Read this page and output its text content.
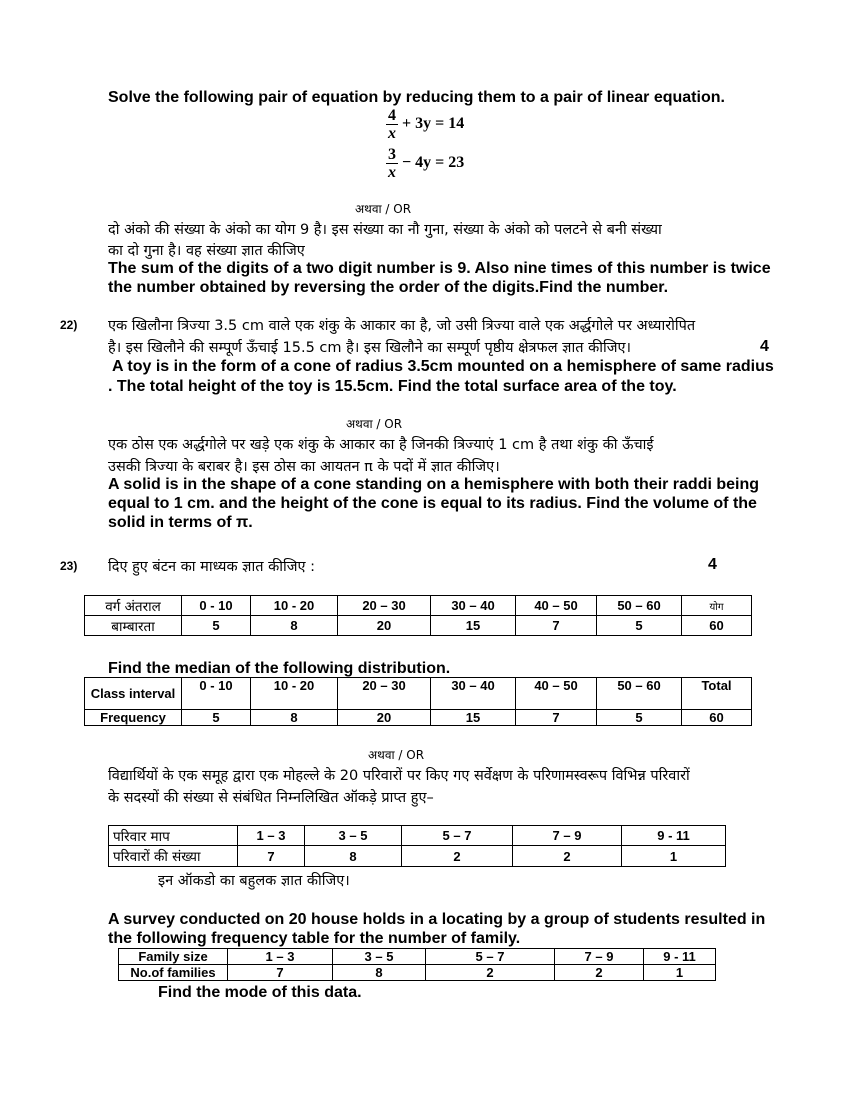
Solve the following pair of equation by reducing them to a pair of linear equation.
$\frac{4}{x} + 3y = 14$
$\frac{3}{x} - 4y = 23$
अथवा / OR
दो अंको की संख्या के अंको का योग 9 है। इस संख्या का नौ गुना, संख्या के अंको को पलटने से बनी संख्या
का दो गुना है। वह संख्या ज्ञात कीजिए
The sum of the digits of a two digit number is 9. Also nine times of this number is twice
the number obtained by reversing the order of the digits.Find the number.
22) एक खिलौना त्रिज्या 3.5 cm वाले एक शंकु के आकार का है, जो उसी त्रिज्या वाले एक अर्द्धगोले पर अध्यारोपित
है। इस खिलौने की सम्पूर्ण ऊँचाई 15.5 cm है। इस खिलौने का सम्पूर्ण पृष्ठीय क्षेत्रफल ज्ञात कीजिए।	4
A toy is in the form of a cone of radius 3.5cm mounted on a hemisphere of same radius
. The total height of the toy is 15.5cm. Find the total surface area of the toy.
अथवा / OR
एक ठोस एक अर्द्धगोले पर खड़े एक शंकु के आकार का है जिनकी त्रिज्याएं 1 cm है तथा शंकु की ऊँचाई
उसकी त्रिज्या के बराबर है। इस ठोस का आयतन π के पदों में ज्ञात कीजिए।
A solid is in the shape of a cone standing on a hemisphere with both their raddi being
equal to 1 cm. and the height of the cone is equal to its radius. Find the volume of the
solid in terms of π.
23) दिए हुए बंटन का माध्यक ज्ञात कीजिए :	4
वर्ग अंतराल	0 - 10	10 - 20	20 – 30	30 – 40	40 – 50	50 – 60	योग
बाम्बारता	5	8	20	15	7	5	60
Find the median of the following distribution.
Class interval	0 - 10	10 - 20	20 – 30	30 – 40	40 – 50	50 – 60	Total
Frequency	5	8	20	15	7	5	60
अथवा / OR
विद्यार्थियों के एक समूह द्वारा एक मोहल्ले के 20 परिवारों पर किए गए सर्वेक्षण के परिणामस्वरूप विभिन्न परिवारों
के सदस्यों की संख्या से संबंधित निम्नलिखित ऑकड़े प्राप्त हुए–
परिवार माप	1 – 3	3 – 5	5 – 7	7 – 9	9 - 11
परिवारों की संख्या	7	8	2	2	1
इन ऑकडो का बहुलक ज्ञात कीजिए।
A survey conducted on 20 house holds in a locating by a group of students resulted in
the following frequency table for the number of family.
Family size	1 – 3	3 – 5	5 – 7	7 – 9	9 - 11
No.of families	7	8	2	2	1
Find the mode of this data.
